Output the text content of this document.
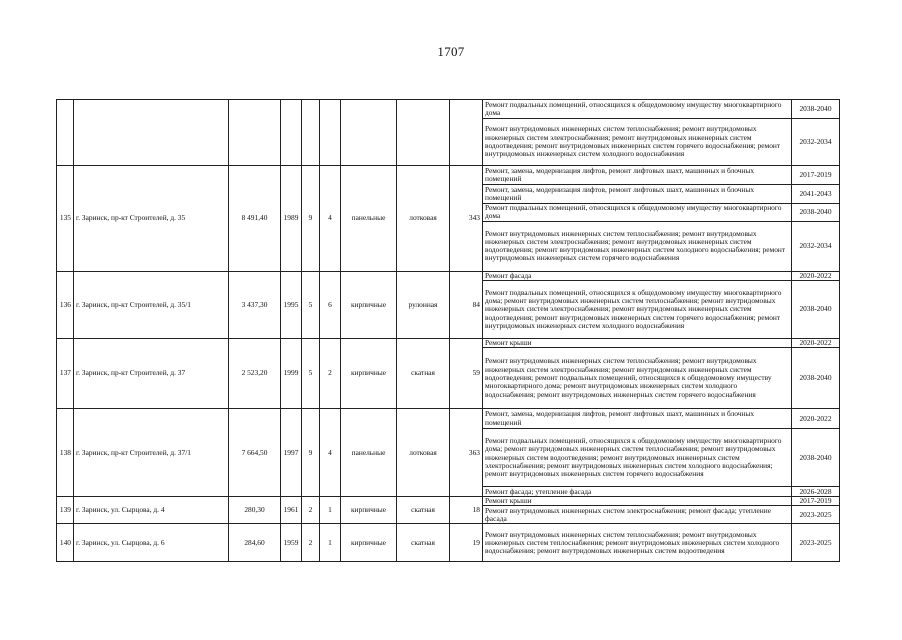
1707
									Ремонт подвальных помещений, относящихся к общедомовому имуществу многоквартирного дома	2038-2040
									Ремонт внутридомовых инженерных систем теплоснабжения; ремонт внутридомовых инженерных систем электроснабжения; ремонт внутридомовых инженерных систем водоотведения; ремонт внутридомовых инженерных систем горячего водоснабжения; ремонт внутридомовых инженерных систем холодного водоснабжения	2032-2034
135	г. Заринск, пр-кт Строителей, д. 35	8 491,40	1989	9	4	панельные	лотковая	343	Ремонт, замена, модернизация лифтов, ремонт лифтовых шахт, машинных и блочных помещений	2017-2019
									Ремонт, замена, модернизация лифтов, ремонт лифтовых шахт, машинных и блочных помещений	2041-2043
									Ремонт подвальных помещений, относящихся к общедомовому имуществу многоквартирного дома	2038-2040
									Ремонт внутридомовых инженерных систем теплоснабжения; ремонт внутридомовых инженерных систем электроснабжения; ремонт внутридомовых инженерных систем водоотведения; ремонт внутридомовых инженерных систем холодного водоснабжения; ремонт внутридомовых инженерных систем горячего водоснабжения	2032-2034
136	г. Заринск, пр-кт Строителей, д. 35/1	3 437,30	1995	5	6	кирпичные	рулонная	84	Ремонт фасада	2020-2022
									Ремонт подвальных помещений, относящихся к общедомовому имуществу многоквартирного дома; ремонт внутридомовых инженерных систем теплоснабжения; ремонт внутридомовых инженерных систем электроснабжения; ремонт внутридомовых инженерных систем водоотведения; ремонт внутридомовых инженерных систем горячего водоснабжения; ремонт внутридомовых инженерных систем холодного водоснабжения	2038-2040
137	г. Заринск, пр-кт Строителей, д. 37	2 523,20	1999	5	2	кирпичные	скатная	59	Ремонт крыши	2020-2022
									Ремонт внутридомовых инженерных систем теплоснабжения; ремонт внутридомовых инженерных систем электроснабжения; ремонт внутридомовых инженерных систем водоотведения; ремонт подвальных помещений, относящихся к общедомовому имуществу многоквартирного дома; ремонт внутридомовых инженерных систем холодного водоснабжения; ремонт внутридомовых инженерных систем горячего водоснабжения	2038-2040
138	г. Заринск, пр-кт Строителей, д. 37/1	7 664,50	1997	9	4	панельные	лотковая	363	Ремонт, замена, модернизация лифтов, ремонт лифтовых шахт, машинных и блочных помещений	2020-2022
									Ремонт подвальных помещений, относящихся к общедомовому имуществу многоквартирного дома; ремонт внутридомовых инженерных систем теплоснабжения; ремонт внутридомовых инженерных систем водоотведения; ремонт внутридомовых инженерных систем электроснабжения; ремонт внутридомовых инженерных систем холодного водоснабжения; ремонт внутридомовых инженерных систем горячего водоснабжения	2038-2040
									Ремонт фасада; утепление фасада	2026-2028
139	г. Заринск, ул. Сырцова, д. 4	280,30	1961	2	1	кирпичные	скатная	18	Ремонт крыши	2017-2019
									Ремонт внутридомовых инженерных систем электроснабжения; ремонт фасада; утепление фасада	2023-2025
140	г. Заринск, ул. Сырцова, д. 6	284,60	1959	2	1	кирпичные	скатная	19	Ремонт внутридомовых инженерных систем теплоснабжения; ремонт внутридомовых инженерных систем теплоснабжения; ремонт внутридомовых инженерных систем холодного водоснабжения; ремонт внутридомовых инженерных систем водоотведения	2023-2025
